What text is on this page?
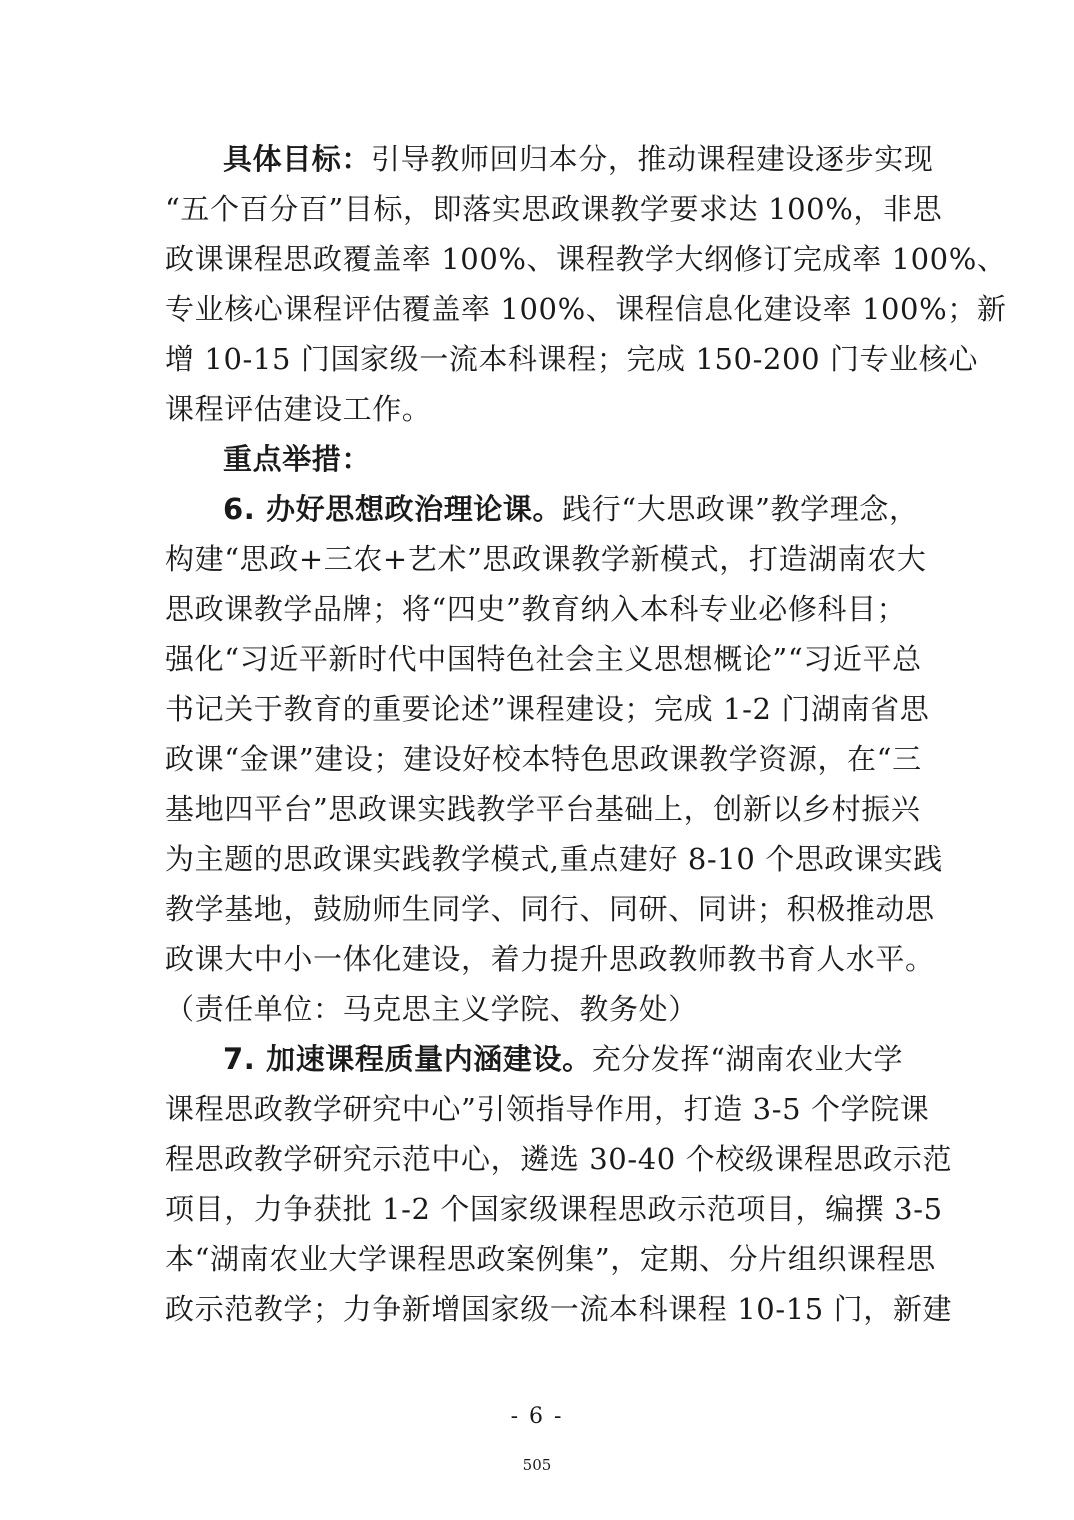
具体目标：引导教师回归本分，推动课程建设逐步实现
“五个百分百”目标，即落实思政课教学要求达 100%，非思
政课课程思政覆盖率 100%、课程教学大纲修订完成率 100%、
专业核心课程评估覆盖率 100%、课程信息化建设率 100%；新
增 10-15 门国家级一流本科课程；完成 150-200 门专业核心
课程评估建设工作。
重点举措：
6. 办好思想政治理论课。践行“大思政课”教学理念，
构建“思政+三农+艺术”思政课教学新模式，打造湖南农大
思政课教学品牌；将“四史”教育纳入本科专业必修科目；
强化“习近平新时代中国特色社会主义思想概论”“习近平总
书记关于教育的重要论述”课程建设；完成 1-2 门湖南省思
政课“金课”建设；建设好校本特色思政课教学资源，在“三
基地四平台”思政课实践教学平台基础上，创新以乡村振兴
为主题的思政课实践教学模式,重点建好 8-10 个思政课实践
教学基地，鼓励师生同学、同行、同研、同讲；积极推动思
政课大中小一体化建设，着力提升思政教师教书育人水平。
（责任单位：马克思主义学院、教务处）
7. 加速课程质量内涵建设。充分发挥“湖南农业大学
课程思政教学研究中心”引领指导作用，打造 3-5 个学院课
程思政教学研究示范中心，遴选 30-40 个校级课程思政示范
项目，力争获批 1-2 个国家级课程思政示范项目，编撰 3-5
本“湖南农业大学课程思政案例集”，定期、分片组织课程思
政示范教学；力争新增国家级一流本科课程 10-15 门，新建
- 6 -
505
